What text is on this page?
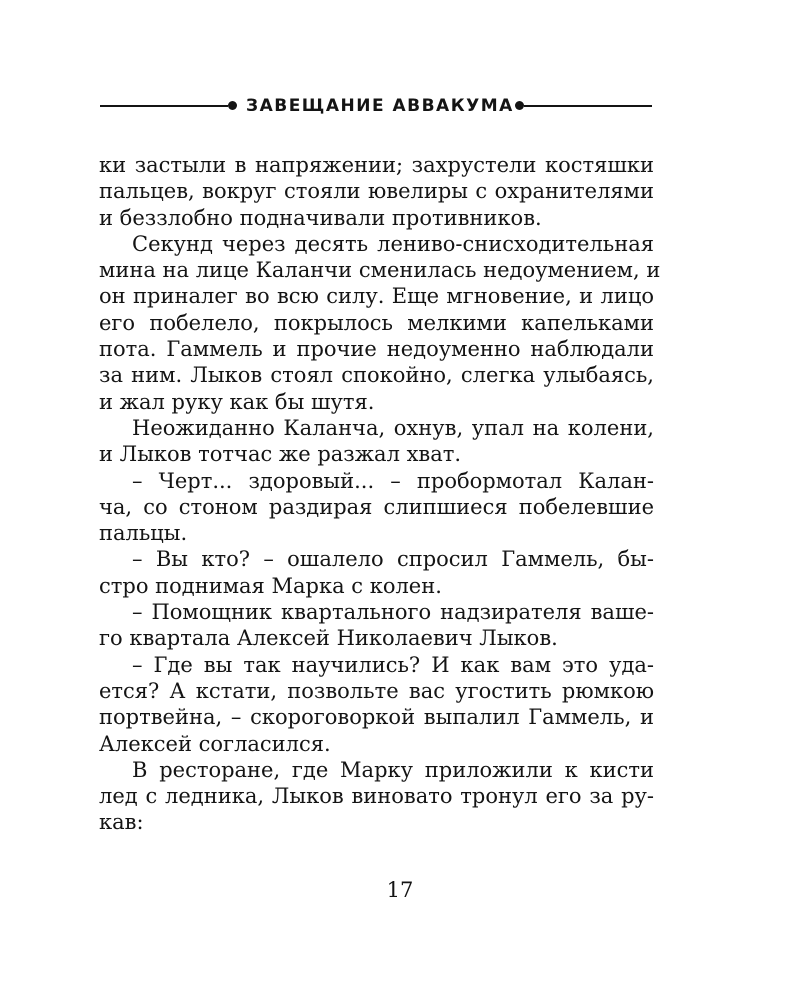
ЗАВЕЩАНИЕ АВВАКУМА
ки застыли в напряжении; захрустели костяшки
пальцев, вокруг стояли ювелиры с охранителями
и беззлобно подначивали противников.
Секунд через десять лениво-снисходительная
мина на лице Каланчи сменилась недоумением, и
он приналег во всю силу. Еще мгновение, и лицо
его побелело, покрылось мелкими капельками
пота. Гаммель и прочие недоуменно наблюдали
за ним. Лыков стоял спокойно, слегка улыбаясь,
и жал руку как бы шутя.
Неожиданно Каланча, охнув, упал на колени,
и Лыков тотчас же разжал хват.
– Черт... здоровый... – пробормотал Калан-
ча, со стоном раздирая слипшиеся побелевшие
пальцы.
– Вы кто? – ошалело спросил Гаммель, бы-
стро поднимая Марка с колен.
– Помощник квартального надзирателя ваше-
го квартала Алексей Николаевич Лыков.
– Где вы так научились? И как вам это уда-
ется? А кстати, позвольте вас угостить рюмкою
портвейна, – скороговоркой выпалил Гаммель, и
Алексей согласился.
В ресторане, где Марку приложили к кисти
лед с ледника, Лыков виновато тронул его за ру-
кав:
17
